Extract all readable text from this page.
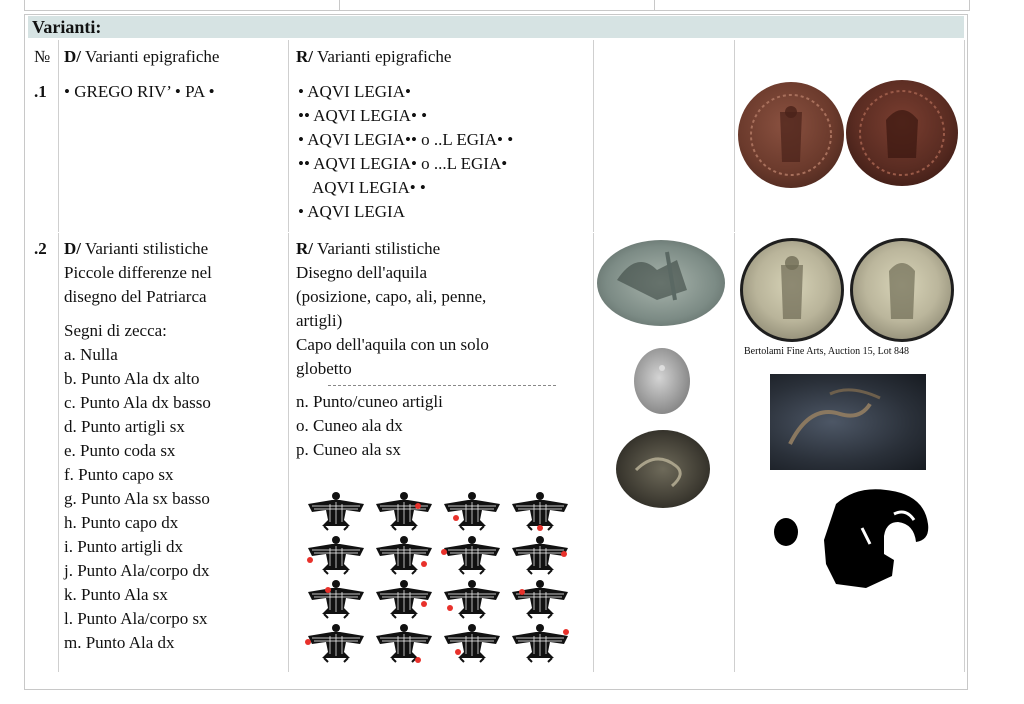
Varianti:
№ D/ Varianti epigrafiche	R/ Varianti epigrafiche
.1 • GREGO RIV’ • PA •	• AQVI LEGIA•
•• AQVI LEGIA• •
• AQVI LEGIA•• o ..L EGIA• •
•• AQVI LEGIA• o ...L EGIA•
AQVI LEGIA• •
• AQVI LEGIA
.2 D/ Varianti stilistiche
Piccole differenze nel
disegno del Patriarca
Segni di zecca:
a. Nulla
b. Punto Ala dx alto
c. Punto Ala dx basso
d. Punto artigli sx
e. Punto coda sx
f. Punto capo sx
g. Punto Ala sx basso
h. Punto capo dx
i. Punto artigli dx
j. Punto Ala/corpo dx
k. Punto Ala sx
l. Punto Ala/corpo sx
m. Punto Ala dx
R/ Varianti stilistiche
Disegno dell'aquila
(posizione, capo, ali, penne,
artigli)
Capo dell'aquila con un solo
globetto
n. Punto/cuneo artigli
o. Cuneo ala dx
p. Cuneo ala sx
Bertolami Fine Arts, Auction 15, Lot 848
